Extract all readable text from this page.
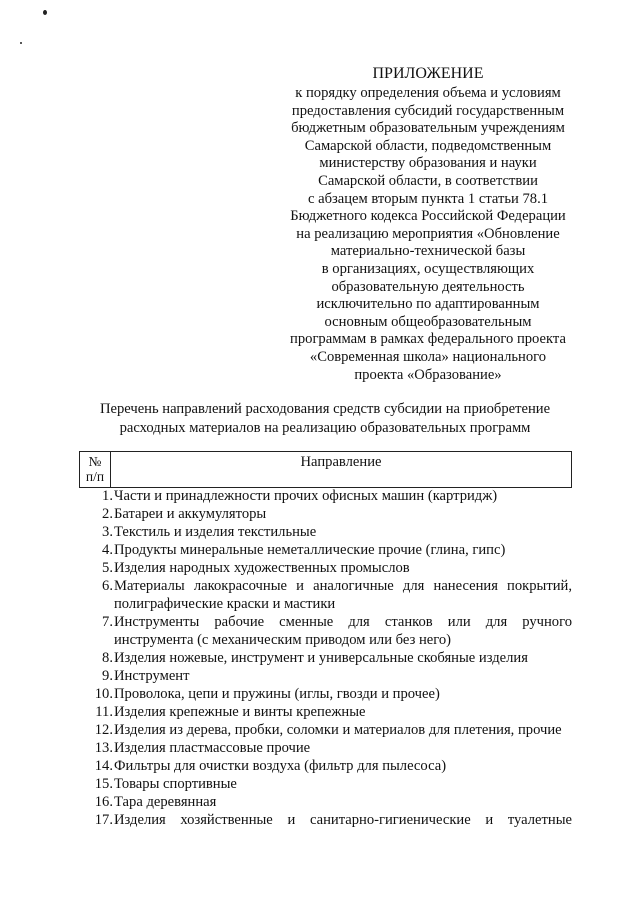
ПРИЛОЖЕНИЕ
к порядку определения объема и условиям
предоставления субсидий государственным
бюджетным образовательным учреждениям
Самарской области, подведомственным
министерству образования и науки
Самарской области, в соответствии
с абзацем вторым пункта 1 статьи 78.1
Бюджетного кодекса Российской Федерации
на реализацию мероприятия «Обновление
материально-технической базы
в организациях, осуществляющих
образовательную деятельность
исключительно по адаптированным
основным общеобразовательным
программам в рамках федерального проекта
«Современная школа» национального
проекта «Образование»
Перечень направлений расходования средств субсидии на приобретение
расходных материалов на реализацию образовательных программ
№
п/п
Направление
1. Части и принадлежности прочих офисных машин (картридж)
2. Батареи и аккумуляторы
3. Текстиль и изделия текстильные
4. Продукты минеральные неметаллические прочие (глина, гипс)
5. Изделия народных художественных промыслов
6. Материалы лакокрасочные и аналогичные для нанесения покрытий, полиграфические краски и мастики
7. Инструменты рабочие сменные для станков или для ручного инструмента (с механическим приводом или без него)
8. Изделия ножевые, инструмент и универсальные скобяные изделия
9. Инструмент
10. Проволока, цепи и пружины (иглы, гвозди и прочее)
11. Изделия крепежные и винты крепежные
12. Изделия из дерева, пробки, соломки и материалов для плетения, прочие
13. Изделия пластмассовые прочие
14. Фильтры для очистки воздуха (фильтр для пылесоса)
15. Товары спортивные
16. Тара деревянная
17. Изделия хозяйственные и санитарно-гигиенические и туалетные
